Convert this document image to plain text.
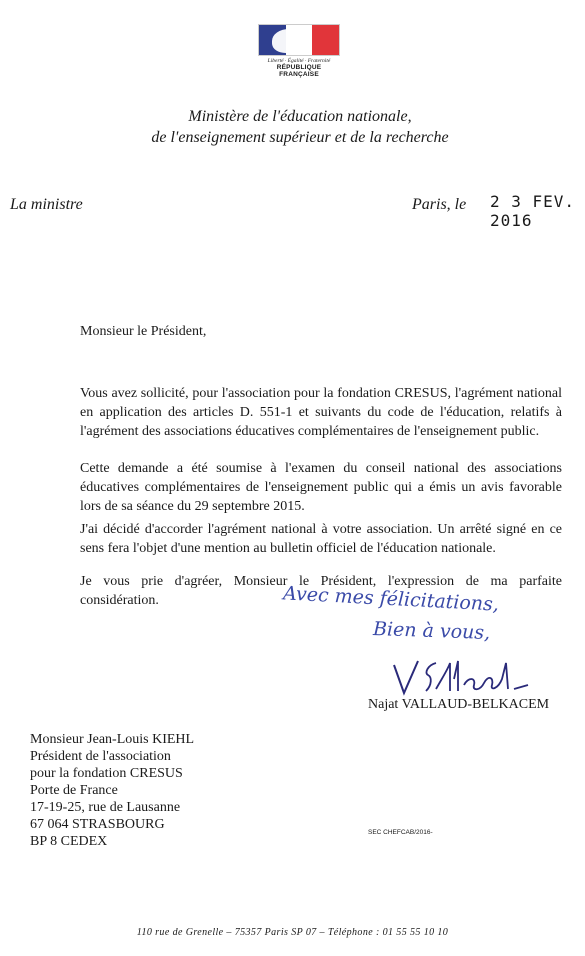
Liberté · Égalité · Fraternité
RÉPUBLIQUE FRANÇAISE
Ministère de l'éducation nationale,
de l'enseignement supérieur et de la recherche
La ministre	Paris, le 2 3 FEV. 2016
Monsieur le Président,
Vous avez sollicité, pour l'association pour la fondation CRESUS, l'agrément national en application des articles D. 551-1 et suivants du code de l'éducation, relatifs à l'agrément des associations éducatives complémentaires de l'enseignement public.
Cette demande a été soumise à l'examen du conseil national des associations éducatives complémentaires de l'enseignement public qui a émis un avis favorable lors de sa séance du 29 septembre 2015.
J'ai décidé d'accorder l'agrément national à votre association. Un arrêté signé en ce sens fera l'objet d'une mention au bulletin officiel de l'éducation nationale.
Je vous prie d'agréer, Monsieur le Président, l'expression de ma parfaite considération.	Avec mes félicitations,
Bien à vous,
Najat VALLAUD-BELKACEM
Monsieur Jean-Louis KIEHL
Président de l'association
pour la fondation CRESUS
Porte de France
17-19-25, rue de Lausanne
67 064 STRASBOURG
BP 8 CEDEX
SEC CHEFCAB/2016-
110 rue de Grenelle – 75357 Paris SP 07 – Téléphone : 01 55 55 10 10
